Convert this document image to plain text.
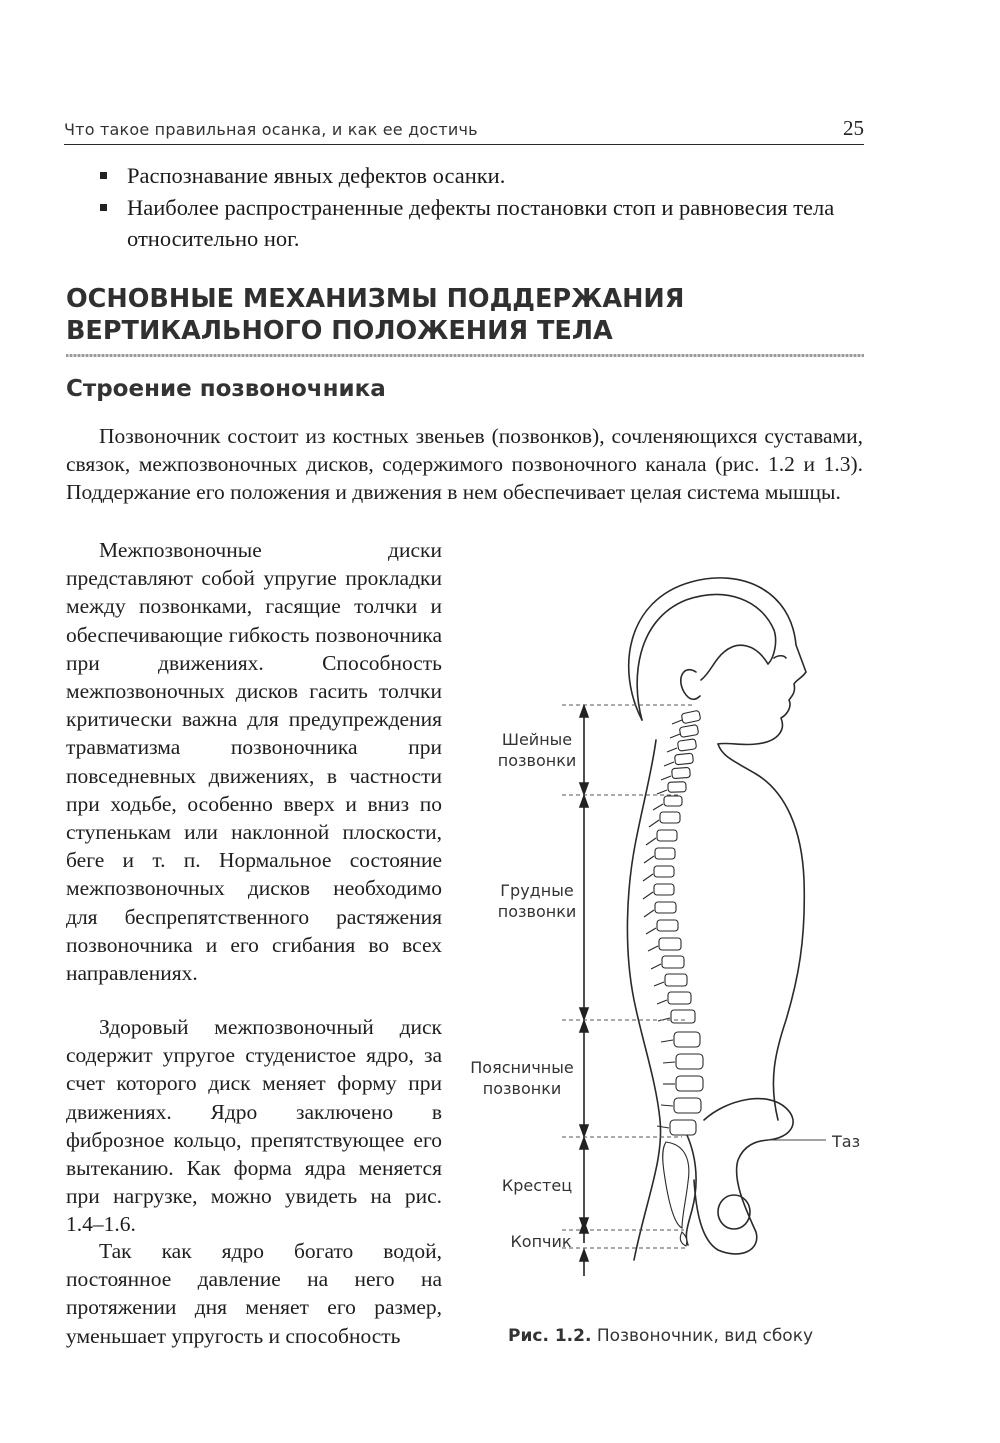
Что такое правильная осанка, и как ее достичь	25
Распознавание явных дефектов осанки.
Наиболее распространенные дефекты постановки стоп и равновесия тела относительно ног.
ОСНОВНЫЕ МЕХАНИЗМЫ ПОДДЕРЖАНИЯ ВЕРТИКАЛЬНОГО ПОЛОЖЕНИЯ ТЕЛА
Строение позвоночника

Позвоночник состоит из костных звеньев (позвонков), сочленяющихся суставами, связок, межпозвоночных дисков, содержимого позвоночного канала (рис. 1.2 и 1.3). Поддержание его положения и движения в нем обеспечивает целая система мышцы.

Межпозвоночные диски представляют собой упругие прокладки между позвонками, гасящие толчки и обеспечивающие гибкость позвоночника при движениях. Способность межпозвоночных дисков гасить толчки критически важна для предупреждения травматизма позвоночника при повседневных движениях, в частности при ходьбе, особенно вверх и вниз по ступенькам или наклонной плоскости, беге и т. п. Нормальное состояние межпозвоночных дисков необходимо для беспрепятственного растяжения позвоночника и его сгибания во всех направлениях.

Здоровый межпозвоночный диск содержит упругое студенистое ядро, за счет которого диск меняет форму при движениях. Ядро заключено в фиброзное кольцо, препятствующее его вытеканию. Как форма ядра меняется при нагрузке, можно увидеть на рис. 1.4–1.6.

Так как ядро богато водой, постоянное давление на него на протяжении дня меняет его размер, уменьшает упругость и способность

Шейные позвонки
Грудные позвонки
Поясничные позвонки
Крестец
Копчик
Таз
Рис. 1.2. Позвоночник, вид сбоку
